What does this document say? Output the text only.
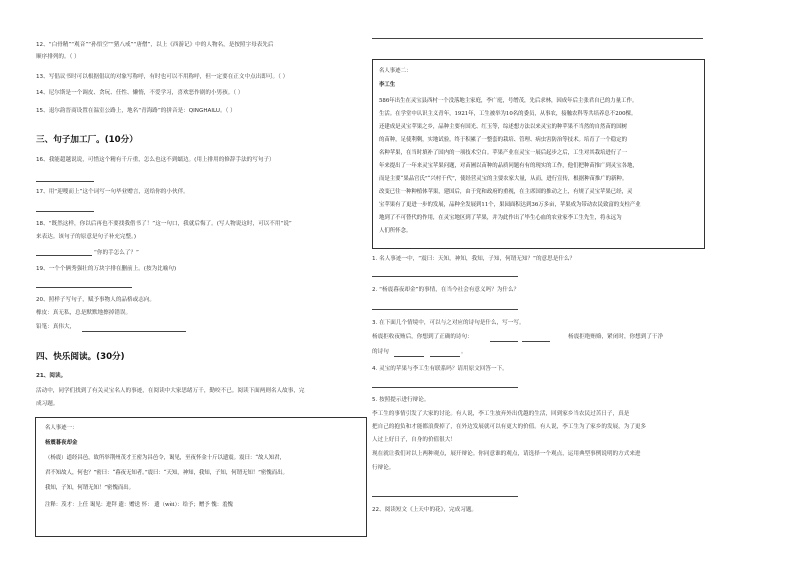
12、“白骨精”“观音”“孙悟空”“猪八戒”“唐僧”，以上《西游记》中的人物名，是按照字母表先后
顺序排列的。（ ）
13、写倡议书时可以根据倡议的对象写称呼，有时也可以不用称呼，但一定要在正文中点出即可。（ ）
14、尼尔斯是一个调皮、贪玩、任性、懒惰，不爱学习，喜欢恶作剧的小男孩。（ ）
15、退尔韵晋商设置在温室公路上，地名“青海路”的拼音是：QINGHAILU。（ ）
三、句子加工厂。(10分）
16、我能超越说说，可惜这个精有千斤重，怎么也这不到蠕边。(用上排用的修辞手法的写句子）
17、用“迎嗖而上”这个词写一句毕业赠言，送给你的小伙伴。
18、“既然这样，你以后再也不要找我借书了！”这一句口，我就后悔了。(写人物说这时，可以不用“说”
来表达。该句子的原意是句子补充完整。)
“你的手怎么了？”
19、一个个俩秀强壮的万块字排在删前上。(按为比喻句)
20、照样子写句子，赋予事物人的品格或志向。
橡皮：真无私，总是默默地擦掉错误。
铅笔：真伟大，
四、快乐阅读。(30分)
21、阅读。
活动中，同学们找到了有关灵宝名人的事迹，在阅读中大家思绪万千，勤咬不已。阅读下面两则名人故事，完
成习题。
名人事迹一：
杨震暮夜却金
（杨震）道经昌邑，故所举荆州茂才王密为昌邑令，谒见，至夜怀金十斤以遗震。震曰：“故人知君，
君不知故人，何也？”密曰：“暮夜无知者。”震曰：“天知，神知，我知，子知，何谓无知！”密愧而出。
我知，子知，何谓无知！”密愧而出。
注释：茂才：上任 谒见：进拜 遗：赠送 怀： 遗（wèi）：给予；赠予 愧：羞愧
名人事迹二：
李工生
586年出生在灵宝县西村一个没落地主家庭，李广庭，号缯茂，先后求林，因成年后主张君自已的力量工作。
生活。在学堂中认识主义青年，1921年，工生被举为10名的委员，从事农，接触农科等共培养总不200棵。
还建成是灵宝苹果之乡，品种主要有国光、红玉等，综述想方法以来灵宝的种苹果不当然的自然苗的国树
的苗种，足使利剩，实地试验，终于积累了一整套的栽培、管理、病虫害防治等技术。培育了一个稳定的
名种苹果，在当时填补了国内的一项技术空白。苹果产业在灵宝一展后起步之后，工生对其栽培进行了一
年来提出了一年来灵宝苹果问题，对苗圃以苗种的品质问题有有的现实的工作，他们把种苗推广到灵宝各地，
而是主要“果品官氏”“兴村千代”，使经营灵宝的主要农家大量，从而，进行宣传，根据种苗推广的新种。
改变已往一种种植体苹果，建国后，由于党和政府的重视，在主席国的推动之上，有规了灵宝苹果已经，灵
宝苹果有了更进一步的发展，品种全发展到11个，果园面积达到36万多亩，苹果成为带动农民致富的支柱产业
地到了不可替代的作用，在灵宝地区到了苹果，并为此作出了毕生心血的农业家李工生先生，将永远为
人们所怀念。
1. 名人事迹一中，“震曰：天知，神知，我知，子知，何谓无知？”的意思是什么？
2. “杨震暮夜却金”的事情，在当今社会有意义吗？为什么？
3. 在下面几个情境中，可以与之对应的诗句是什么，写一写。
杨震拒收夜贿后，你想到了正确的诗句：	杨震拒绝贿赂，紧闭时，你想到了干净
的诗句	。
4. 灵宝的苹果与李工生有联系吗？请用原文回答一下。
5. 按照提示进行辩论。
李工生的事情引发了大家的讨论。有人说，李工生放弃外出优越的生活，回到家乡当农民过苦日子，真是
把自己的抱负和才能都浪费掉了，在外边发展就可以有更大的价值。有人说，李工生为了家乡的发展，为了更多
人过上好日子，自身的价值很大！
现在就让我们对以上两种观点，展开辩论。你同意谁的观点，请选择一个观点，运用典型事例说明的方式来进
行辩论。
22、阅读短文《上天中的花》，完成习题。
